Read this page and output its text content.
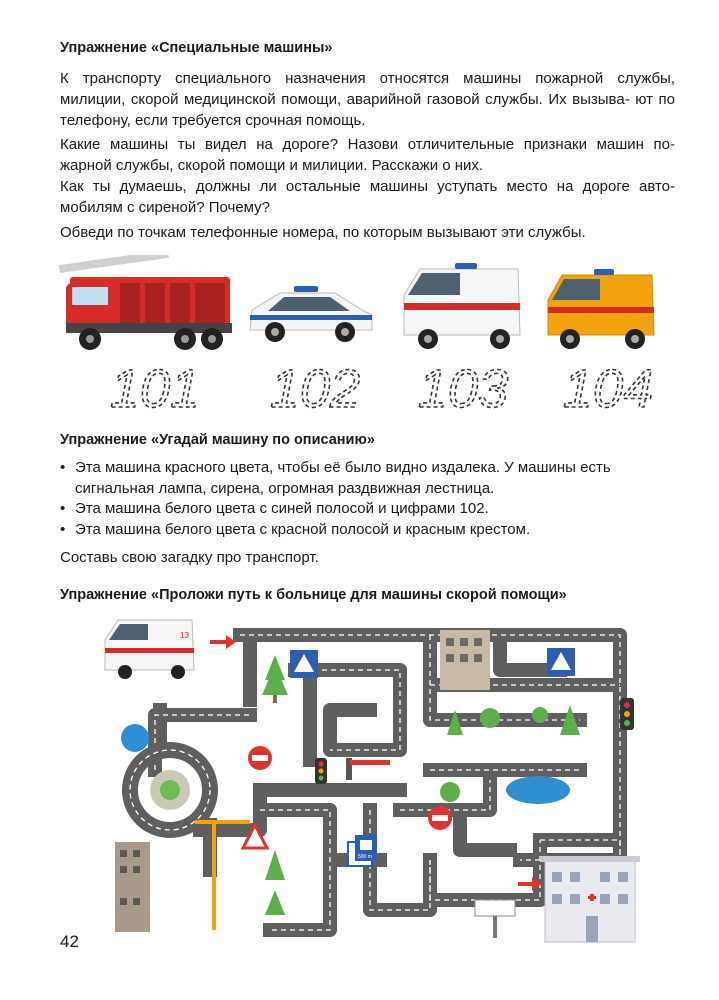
Упражнение «Специальные машины»

К транспорту специального назначения относятся машины пожарной службы, милиции, скорой медицинской помощи, аварийной газовой службы. Их вызыва- ют по телефону, если требуется срочная помощь.

Какие машины ты видел на дороге? Назови отличительные признаки машин по- жарной службы, скорой помощи и милиции. Расскажи о них.
Как ты думаешь, должны ли остальные машины уступать место на дороге авто- мобилям с сиреной? Почему?

Обведи по точкам телефонные номера, по которым вызывают эти службы.

101 102 103 104
Упражнение «Угадай машину по описанию»
• Эта машина красного цвета, чтобы её было видно издалека. У машины есть сигнальная лампа, сирена, огромная раздвижная лестница.
• Эта машина белого цвета с синей полосой и цифрами 102.
• Эта машина белого цвета с красной полосой и красным крестом.

Составь свою загадку про транспорт.

Упражнение «Проложи путь к больнице для машины скорой помощи»
13
500 m
42
